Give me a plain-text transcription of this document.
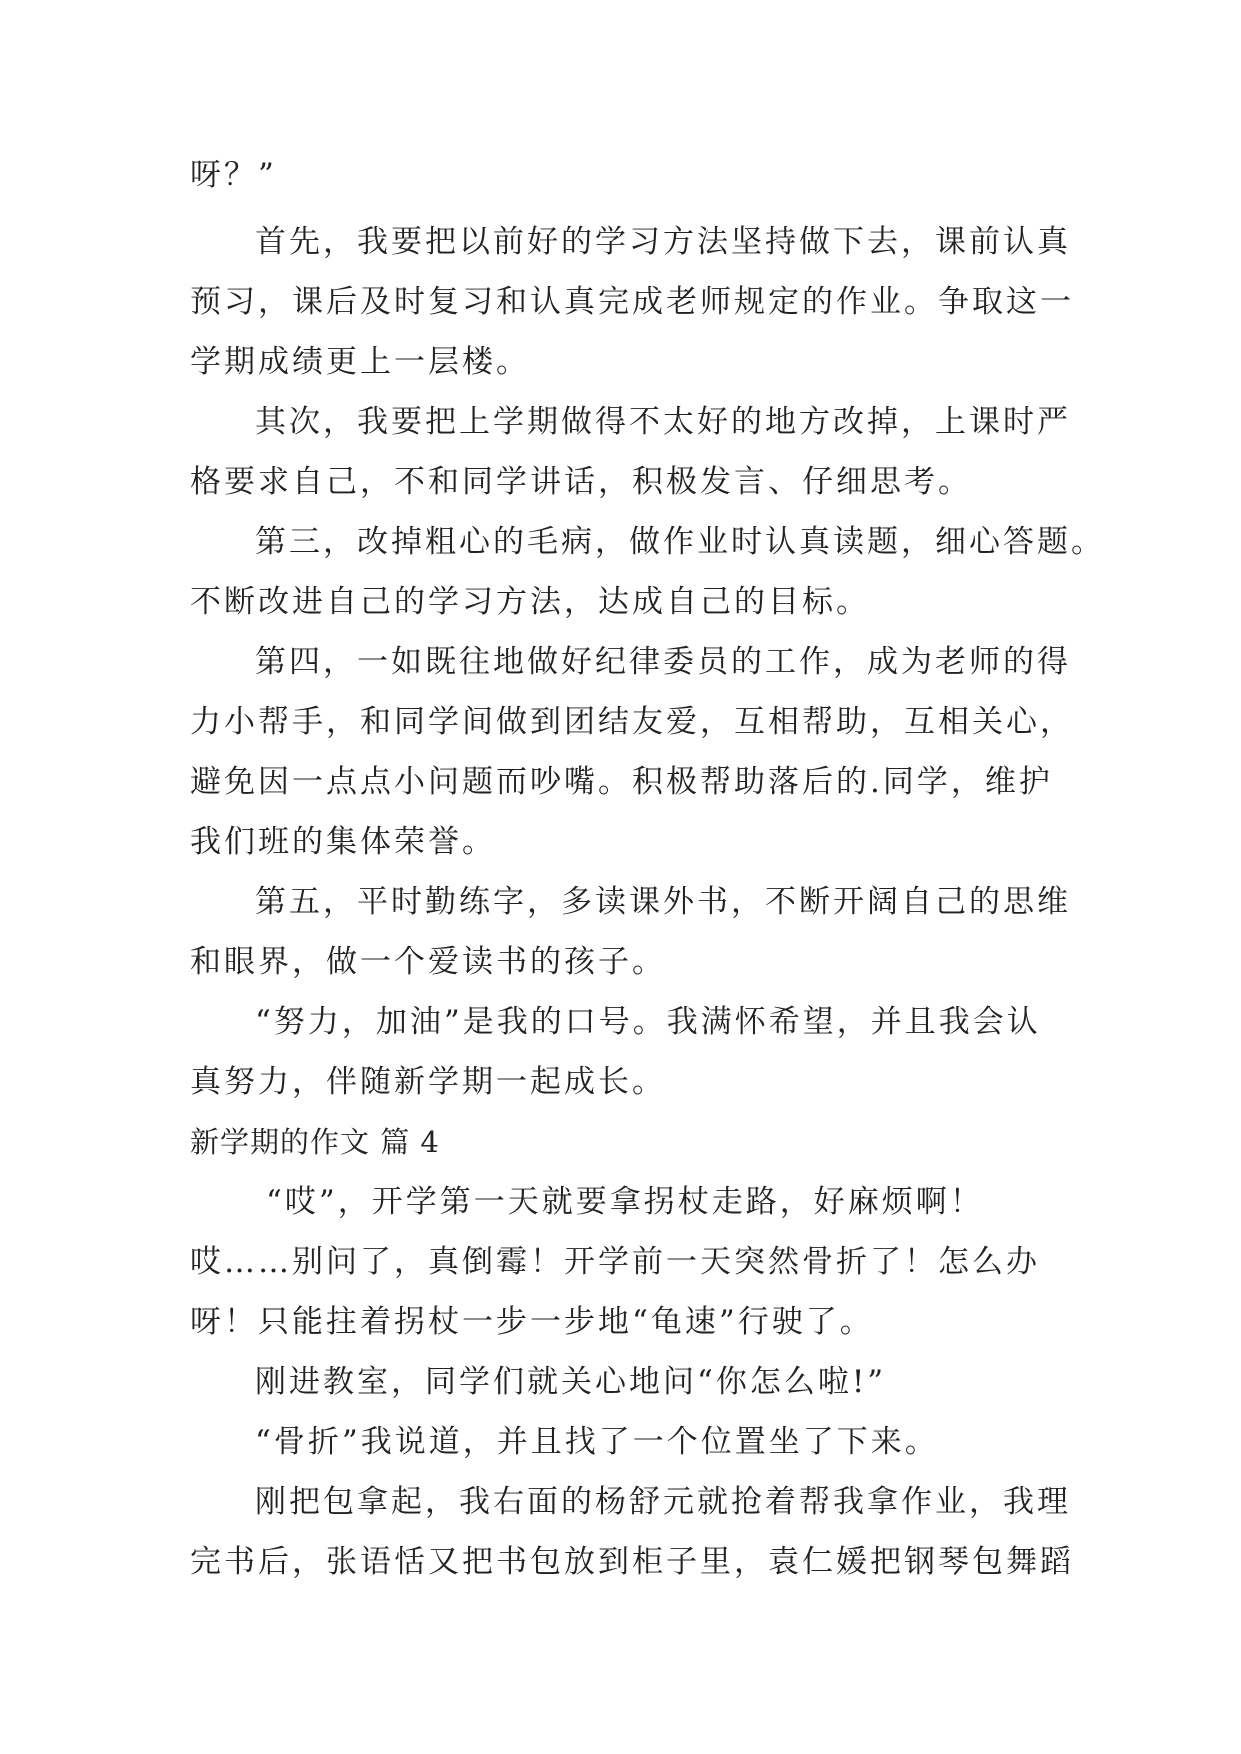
呀？”
首先，我要把以前好的学习方法坚持做下去，课前认真
预习，课后及时复习和认真完成老师规定的作业。争取这一
学期成绩更上一层楼。
其次，我要把上学期做得不太好的地方改掉，上课时严
格要求自己，不和同学讲话，积极发言、仔细思考。
第三，改掉粗心的毛病，做作业时认真读题，细心答题。
不断改进自己的学习方法，达成自己的目标。
第四，一如既往地做好纪律委员的工作，成为老师的得
力小帮手，和同学间做到团结友爱，互相帮助，互相关心，
避免因一点点小问题而吵嘴。积极帮助落后的.同学，维护
我们班的集体荣誉。
第五，平时勤练字，多读课外书，不断开阔自己的思维
和眼界，做一个爱读书的孩子。
“努力，加油”是我的口号。我满怀希望，并且我会认
真努力，伴随新学期一起成长。
新学期的作文 篇 4
“哎”，开学第一天就要拿拐杖走路，好麻烦啊！
哎……别问了，真倒霉！开学前一天突然骨折了！怎么办
呀！只能拄着拐杖一步一步地“龟速”行驶了。
刚进教室，同学们就关心地问“你怎么啦!”
“骨折”我说道，并且找了一个位置坐了下来。
刚把包拿起，我右面的杨舒元就抢着帮我拿作业，我理
完书后，张语恬又把书包放到柜子里，袁仁媛把钢琴包舞蹈
